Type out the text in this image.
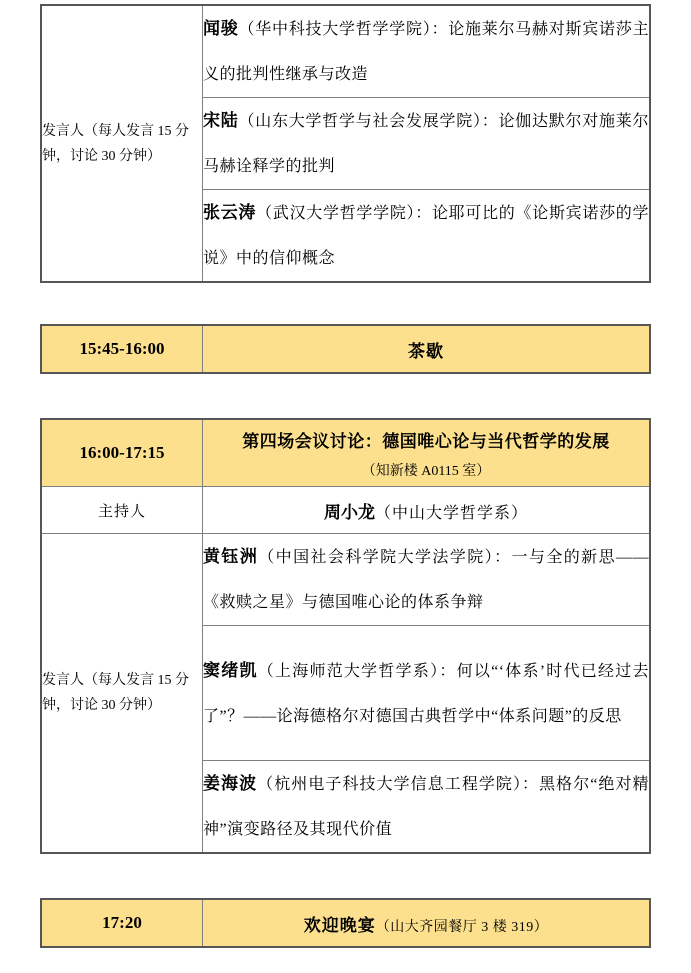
发言人（每人发言 15 分钟，讨论 30 分钟）	闻骏（华中科技大学哲学学院）：论施莱尔马赫对斯宾诺莎主义的批判性继承与改造
宋陆（山东大学哲学与社会发展学院）：论伽达默尔对施莱尔马赫诠释学的批判
张云涛（武汉大学哲学学院）：论耶可比的《论斯宾诺莎的学说》中的信仰概念
15:45-16:00	茶歇
16:00-17:15	第四场会议讨论：德国唯心论与当代哲学的发展
（知新楼 A0115 室）

主持人	周小龙（中山大学哲学系）
发言人（每人发言 15 分钟，讨论 30 分钟）	黄钰洲（中国社会科学院大学法学院）：一与全的新思——《救赎之星》与德国唯心论的体系争辩
	窦绪凯（上海师范大学哲学系）：何以“‘体系’时代已经过去了”？——论海德格尔对德国古典哲学中“体系问题”的反思
	姜海波（杭州电子科技大学信息工程学院）：黑格尔“绝对精神”演变路径及其现代价值
17:20	欢迎晚宴（山大齐园餐厅 3 楼 319）
